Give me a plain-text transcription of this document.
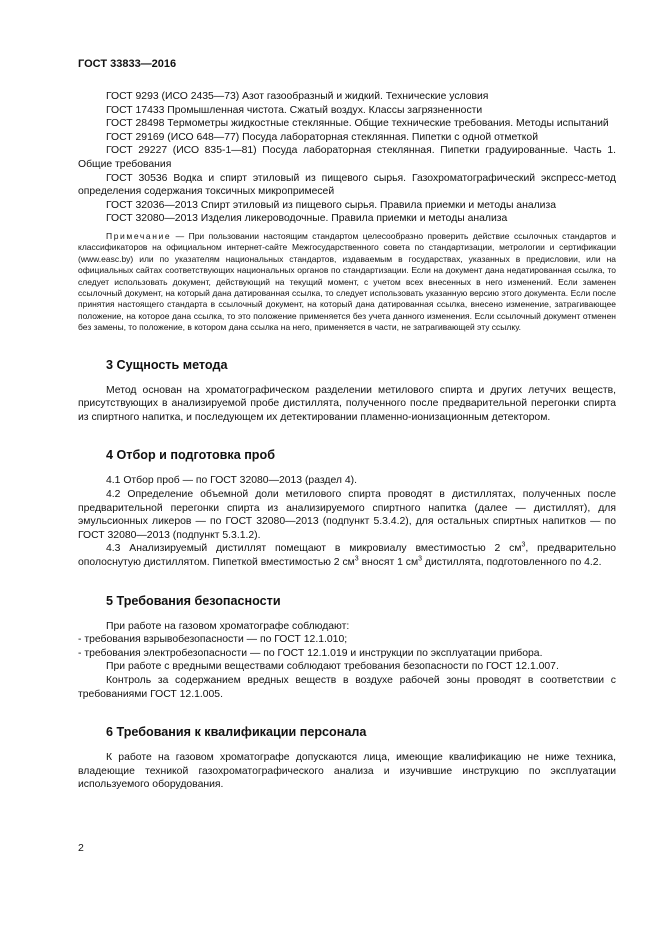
ГОСТ 33833—2016

ГОСТ 9293 (ИСО 2435—73) Азот газообразный и жидкий. Технические условия

ГОСТ 17433 Промышленная чистота. Сжатый воздух. Классы загрязненности

ГОСТ 28498 Термометры жидкостные стеклянные. Общие технические требования. Методы испытаний

ГОСТ 29169 (ИСО 648—77) Посуда лабораторная стеклянная. Пипетки с одной отметкой

ГОСТ 29227 (ИСО 835-1—81) Посуда лабораторная стеклянная. Пипетки градуированные. Часть 1. Общие требования

ГОСТ 30536 Водка и спирт этиловый из пищевого сырья. Газохроматографический экспресс-метод определения содержания токсичных микропримесей

ГОСТ 32036—2013 Спирт этиловый из пищевого сырья. Правила приемки и методы анализа

ГОСТ 32080—2013 Изделия ликероводочные. Правила приемки и методы анализа

Примечание — При пользовании настоящим стандартом целесообразно проверить действие ссылочных стандартов и классификаторов на официальном интернет-сайте Межгосударственного совета по стандартизации, метрологии и сертификации (www.easc.by) или по указателям национальных стандартов, издаваемым в государствах, указанных в предисловии, или на официальных сайтах соответствующих национальных органов по стандартизации. Если на документ дана недатированная ссылка, то следует использовать документ, действующий на текущий момент, с учетом всех внесенных в него изменений. Если заменен ссылочный документ, на который дана датированная ссылка, то следует использовать указанную версию этого документа. Если после принятия настоящего стандарта в ссылочный документ, на который дана датированная ссылка, внесено изменение, затрагивающее положение, на которое дана ссылка, то это положение применяется без учета данного изменения. Если ссылочный документ отменен без замены, то положение, в котором дана ссылка на него, применяется в части, не затрагивающей эту ссылку.

3 Сущность метода

Метод основан на хроматографическом разделении метилового спирта и других летучих веществ, присутствующих в анализируемой пробе дистиллята, полученного после предварительной перегонки спирта из спиртного напитка, и последующем их детектировании пламенно-ионизационным детектором.

4 Отбор и подготовка проб

4.1 Отбор проб — по ГОСТ 32080—2013 (раздел 4).

4.2 Определение объемной доли метилового спирта проводят в дистиллятах, полученных после предварительной перегонки спирта из анализируемого спиртного напитка (далее — дистиллят), для эмульсионных ликеров — по ГОСТ 32080—2013 (подпункт 5.3.4.2), для остальных спиртных напитков — по ГОСТ 32080—2013 (подпункт 5.3.1.2).

4.3 Анализируемый дистиллят помещают в микровиалу вместимостью 2 $см^3$, предварительно ополоснутую дистиллятом. Пипеткой вместимостью 2 $см^3$ вносят 1 $см^3$ дистиллята, подготовленного по 4.2.

5 Требования безопасности

При работе на газовом хроматографе соблюдают:

- требования взрывобезопасности — по ГОСТ 12.1.010;

- требования электробезопасности — по ГОСТ 12.1.019 и инструкции по эксплуатации прибора.

При работе с вредными веществами соблюдают требования безопасности по ГОСТ 12.1.007.

Контроль за содержанием вредных веществ в воздухе рабочей зоны проводят в соответствии с требованиями ГОСТ 12.1.005.

6 Требования к квалификации персонала

К работе на газовом хроматографе допускаются лица, имеющие квалификацию не ниже техника, владеющие техникой газохроматографического анализа и изучившие инструкцию по эксплуатации используемого оборудования.

2
